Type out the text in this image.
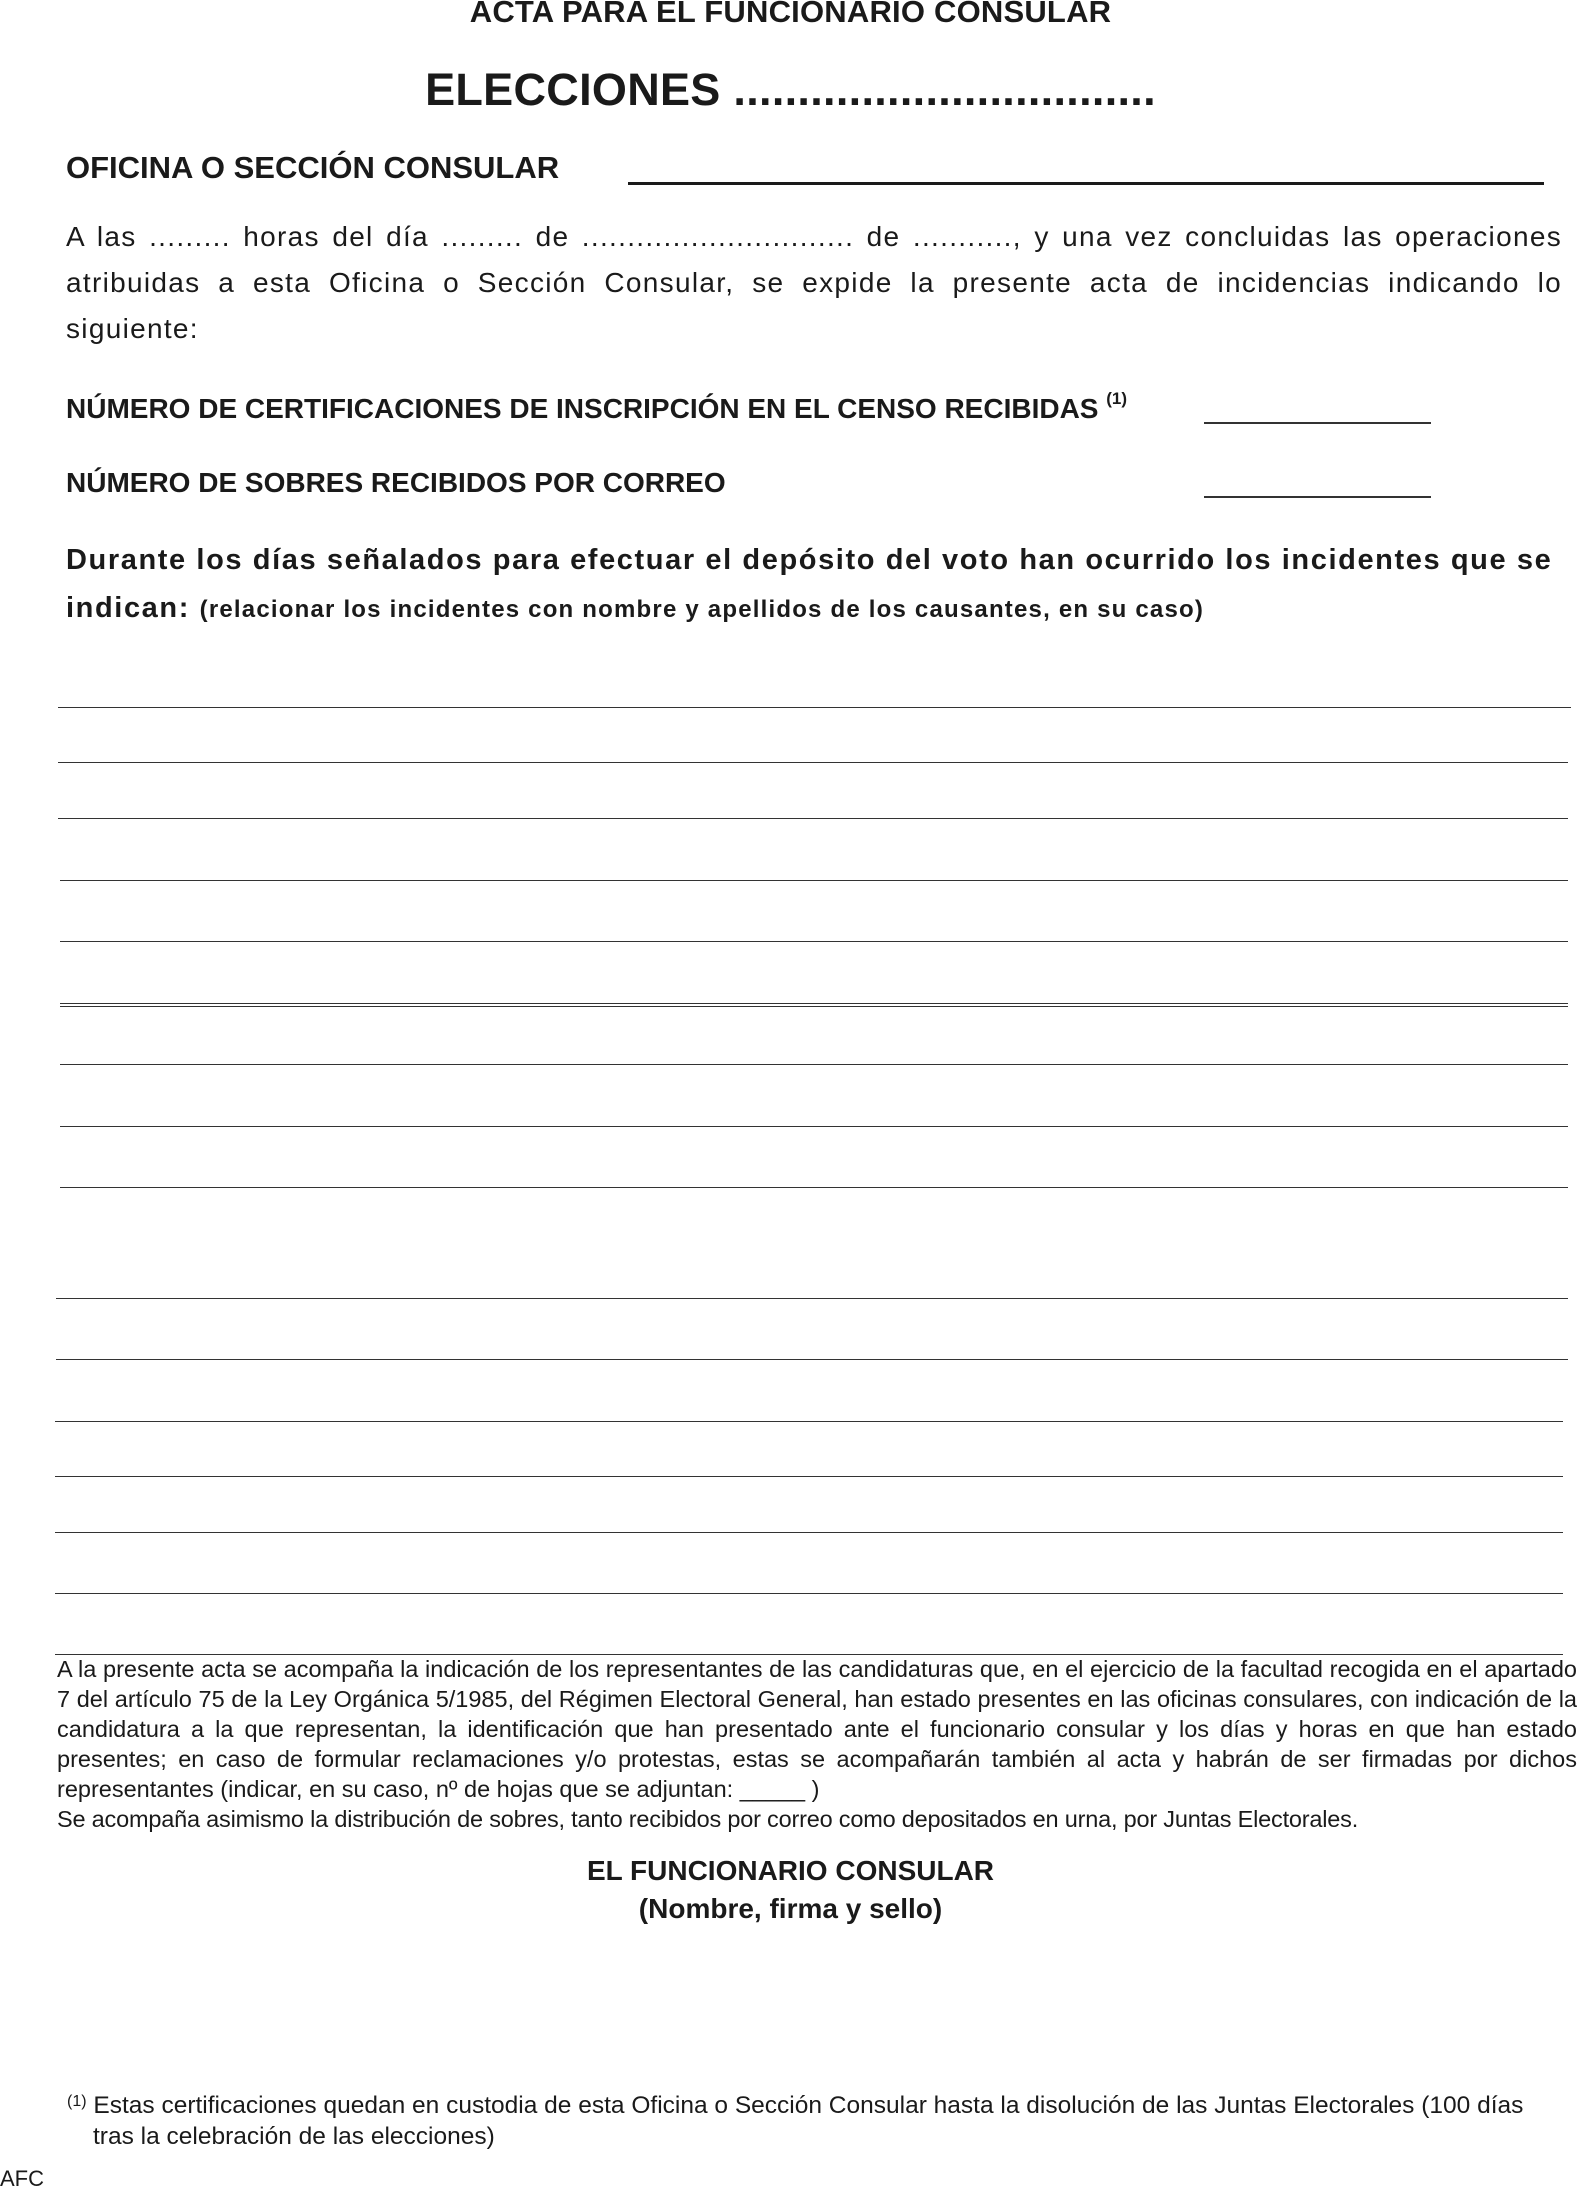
ACTA PARA EL FUNCIONARIO CONSULAR
ELECCIONES .................................
OFICINA O SECCIÓN CONSULAR
A las ......... horas del día ......... de .............................. de ..........., y una vez concluidas las operaciones atribuidas a esta Oficina o Sección Consular, se expide la presente acta de incidencias indicando lo siguiente:
NÚMERO DE CERTIFICACIONES DE INSCRIPCIÓN EN EL CENSO RECIBIDAS $^{(1)}$
NÚMERO DE SOBRES RECIBIDOS POR CORREO
Durante los días señalados para efectuar el depósito del voto han ocurrido los incidentes que se indican: (relacionar los incidentes con nombre y apellidos de los causantes, en su caso)

A la presente acta se acompaña la indicación de los representantes de las candidaturas que, en el ejercicio de la facultad recogida en el apartado 7 del artículo 75 de la Ley Orgánica 5/1985, del Régimen Electoral General, han estado presentes en las oficinas consulares, con indicación de la candidatura a la que representan, la identificación que han presentado ante el funcionario consular y los días y horas en que han estado presentes; en caso de formular reclamaciones y/o protestas, estas se acompañarán también al acta y habrán de ser firmadas por dichos representantes (indicar, en su caso, nº de hojas que se adjuntan: _____ )

Se acompaña asimismo la distribución de sobres, tanto recibidos por correo como depositados en urna, por Juntas Electorales.

EL FUNCIONARIO CONSULAR
(Nombre, firma y sello)
$^{(1)}$ Estas certificaciones quedan en custodia de esta Oficina o Sección Consular hasta la disolución de las Juntas Electorales (100 días
tras la celebración de las elecciones)
AFC
